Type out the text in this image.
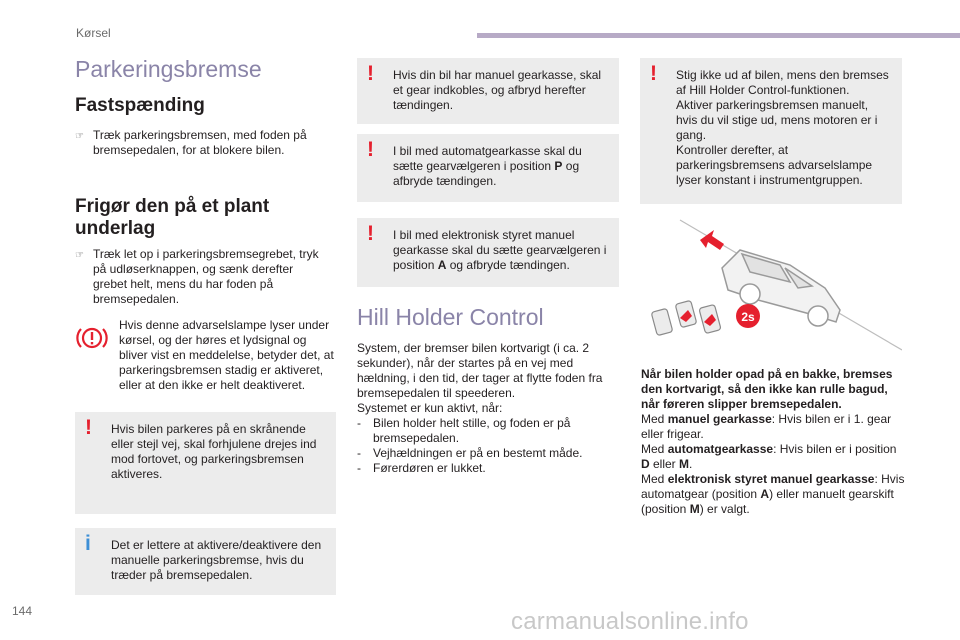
Kørsel
Parkeringsbremse
Fastspænding
☞ Træk parkeringsbremsen, med foden på bremsepedalen, for at blokere bilen.
Frigør den på et plant underlag
☞ Træk let op i parkeringsbremsegrebet, tryk på udløserknappen, og sænk derefter grebet helt, mens du har foden på bremsepedalen.
Hvis denne advarselslampe lyser under kørsel, og der høres et lydsignal og bliver vist en meddelelse, betyder det, at parkeringsbremsen stadig er aktiveret, eller at den ikke er helt deaktiveret.
! Hvis bilen parkeres på en skrånende eller stejl vej, skal forhjulene drejes ind mod fortovet, og parkeringsbremsen aktiveres.
i Det er lettere at aktivere/deaktivere den manuelle parkeringsbremse, hvis du træder på bremsepedalen.
! Hvis din bil har manuel gearkasse, skal et gear indkobles, og afbryd herefter tændingen.
! I bil med automatgearkasse skal du sætte gearvælgeren i position P og afbryde tændingen.
! I bil med elektronisk styret manuel gearkasse skal du sætte gearvælgeren i position A og afbryde tændingen.
! Stig ikke ud af bilen, mens den bremses af Hill Holder Control-funktionen.
Aktiver parkeringsbremsen manuelt, hvis du vil stige ud, mens motoren er i gang.
Kontroller derefter, at parkeringsbremsens advarselslampe lyser konstant i instrumentgruppen.
Hill Holder Control
System, der bremser bilen kortvarigt (i ca. 2 sekunder), når der startes på en vej med hældning, i den tid, der tager at flytte foden fra bremsepedalen til speederen.
Systemet er kun aktivt, når:
-	Bilen holder helt stille, og foden er på bremsepedalen.
-	Vejhældningen er på en bestemt måde.
-	Førerdøren er lukket.
2s
Når bilen holder opad på en bakke, bremses den kortvarigt, så den ikke kan rulle bagud, når føreren slipper bremsepedalen.
Med manuel gearkasse: Hvis bilen er i 1. gear eller frigear.
Med automatgearkasse: Hvis bilen er i position D eller M.
Med elektronisk styret manuel gearkasse: Hvis automatgear (position A) eller manuelt gearskift (position M) er valgt.
144	carmanualsonline.info
